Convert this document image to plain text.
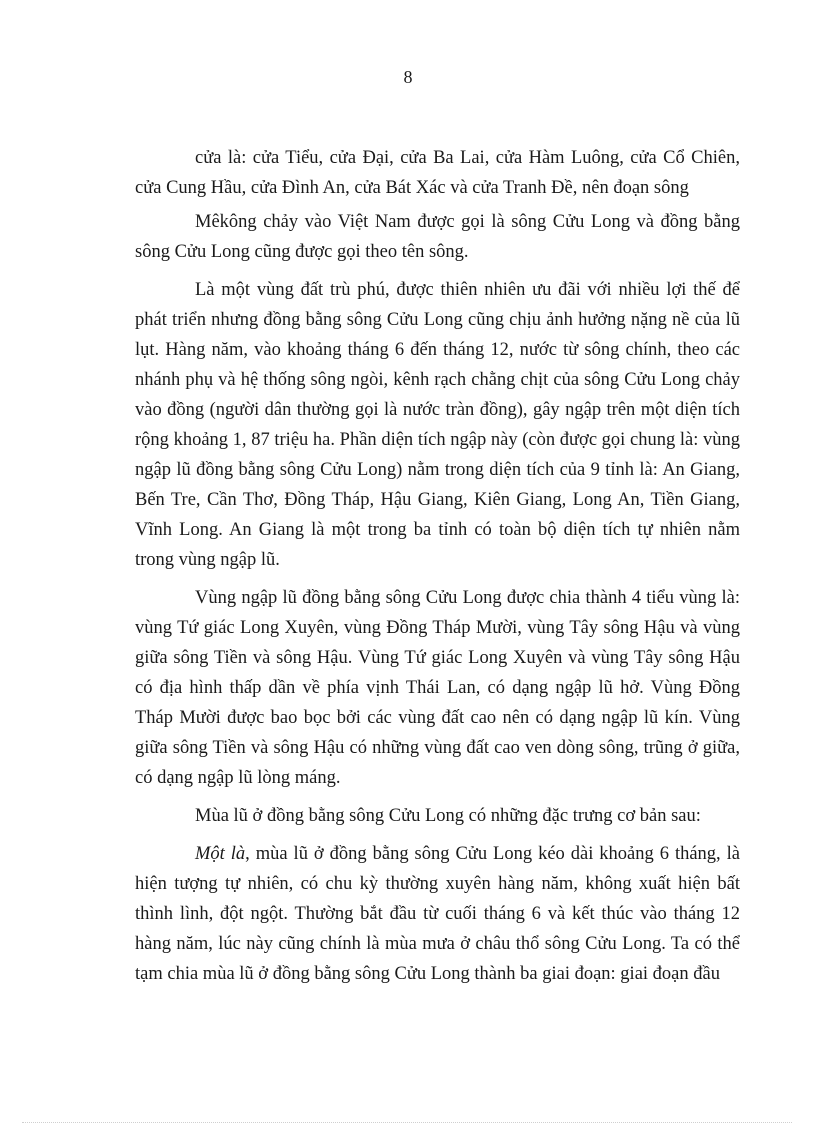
8

cửa là: cửa Tiểu, cửa Đại, cửa Ba Lai, cửa Hàm Luông, cửa Cổ Chiên, cửa Cung Hầu, cửa Đình An, cửa Bát Xác và cửa Tranh Đề, nên đoạn sông

Mêkông chảy vào Việt Nam được gọi là sông Cửu Long và đồng bằng sông Cửu Long cũng được gọi theo tên sông.

Là một vùng đất trù phú, được thiên nhiên ưu đãi với nhiều lợi thế để phát triển nhưng đồng bằng sông Cửu Long cũng chịu ảnh hưởng nặng nề của lũ lụt. Hàng năm, vào khoảng tháng 6 đến tháng 12, nước từ sông chính, theo các nhánh phụ và hệ thống sông ngòi, kênh rạch chằng chịt của sông Cửu Long chảy vào đồng (người dân thường gọi là nước tràn đồng), gây ngập trên một diện tích rộng khoảng 1, 87 triệu ha. Phần diện tích ngập này (còn được gọi chung là: vùng ngập lũ đồng bằng sông Cửu Long) nằm trong diện tích của 9 tỉnh là: An Giang, Bến Tre, Cần Thơ, Đồng Tháp, Hậu Giang, Kiên Giang, Long An, Tiền Giang, Vĩnh Long. An Giang là một trong ba tỉnh có toàn bộ diện tích tự nhiên nằm trong vùng ngập lũ.

Vùng ngập lũ đồng bằng sông Cửu Long được chia thành 4 tiểu vùng là: vùng Tứ giác Long Xuyên, vùng Đồng Tháp Mười, vùng Tây sông Hậu và vùng giữa sông Tiền và sông Hậu. Vùng Tứ giác Long Xuyên và vùng Tây sông Hậu có địa hình thấp dần về phía vịnh Thái Lan, có dạng ngập lũ hở. Vùng Đồng Tháp Mười được bao bọc bởi các vùng đất cao nên có dạng ngập lũ kín. Vùng giữa sông Tiền và sông Hậu có những vùng đất cao ven dòng sông, trũng ở giữa, có dạng ngập lũ lòng máng.

Mùa lũ ở đồng bằng sông Cửu Long có những đặc trưng cơ bản sau:

Một là, mùa lũ ở đồng bằng sông Cửu Long kéo dài khoảng 6 tháng, là hiện tượng tự nhiên, có chu kỳ thường xuyên hàng năm, không xuất hiện bất thình lình, đột ngột. Thường bắt đầu từ cuối tháng 6 và kết thúc vào tháng 12 hàng năm, lúc này cũng chính là mùa mưa ở châu thổ sông Cửu Long. Ta có thể tạm chia mùa lũ ở đồng bằng sông Cửu Long thành ba giai đoạn: giai đoạn đầu
